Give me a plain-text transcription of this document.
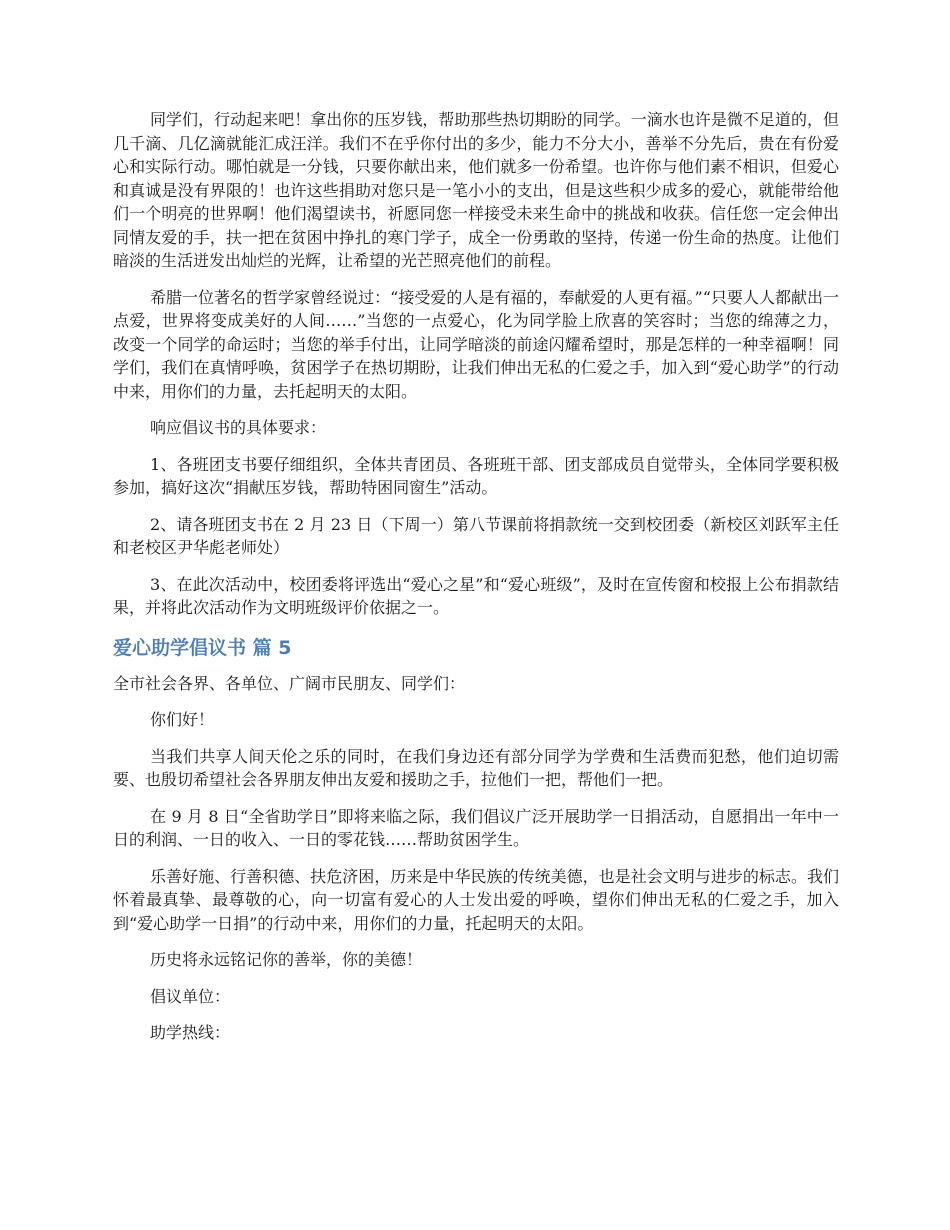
同学们，行动起来吧！拿出你的压岁钱，帮助那些热切期盼的同学。一滴水也许是微不足道的，但几千滴、几亿滴就能汇成汪洋。我们不在乎你付出的多少，能力不分大小，善举不分先后，贵在有份爱心和实际行动。哪怕就是一分钱，只要你献出来，他们就多一份希望。也许你与他们素不相识，但爱心和真诚是没有界限的！也许这些捐助对您只是一笔小小的支出，但是这些积少成多的爱心，就能带给他们一个明亮的世界啊！他们渴望读书，祈愿同您一样接受未来生命中的挑战和收获。信任您一定会伸出同情友爱的手，扶一把在贫困中挣扎的寒门学子，成全一份勇敢的坚持，传递一份生命的热度。让他们暗淡的生活迸发出灿烂的光辉，让希望的光芒照亮他们的前程。

希腊一位著名的哲学家曾经说过：“接受爱的人是有福的，奉献爱的人更有福。”“只要人人都献出一点爱，世界将变成美好的人间……”当您的一点爱心，化为同学脸上欣喜的笑容时；当您的绵薄之力，改变一个同学的命运时；当您的举手付出，让同学暗淡的前途闪耀希望时，那是怎样的一种幸福啊！同学们，我们在真情呼唤，贫困学子在热切期盼，让我们伸出无私的仁爱之手，加入到“爱心助学”的行动中来，用你们的力量，去托起明天的太阳。

响应倡议书的具体要求：

1、各班团支书要仔细组织，全体共青团员、各班班干部、团支部成员自觉带头，全体同学要积极参加，搞好这次“捐献压岁钱，帮助特困同窗生”活动。

2、请各班团支书在 2 月 23 日（下周一）第八节课前将捐款统一交到校团委（新校区刘跃军主任和老校区尹华彪老师处）

3、在此次活动中，校团委将评选出“爱心之星”和“爱心班级”，及时在宣传窗和校报上公布捐款结果，并将此次活动作为文明班级评价依据之一。

爱心助学倡议书 篇 5

全市社会各界、各单位、广阔市民朋友、同学们：

你们好！

当我们共享人间天伦之乐的同时，在我们身边还有部分同学为学费和生活费而犯愁，他们迫切需要、也殷切希望社会各界朋友伸出友爱和援助之手，拉他们一把，帮他们一把。

在 9 月 8 日“全省助学日”即将来临之际，我们倡议广泛开展助学一日捐活动，自愿捐出一年中一日的利润、一日的收入、一日的零花钱……帮助贫困学生。

乐善好施、行善积德、扶危济困，历来是中华民族的传统美德，也是社会文明与进步的标志。我们怀着最真挚、最尊敬的心，向一切富有爱心的人士发出爱的呼唤，望你们伸出无私的仁爱之手，加入到“爱心助学一日捐”的行动中来，用你们的力量，托起明天的太阳。

历史将永远铭记你的善举，你的美德！

倡议单位：

助学热线：
